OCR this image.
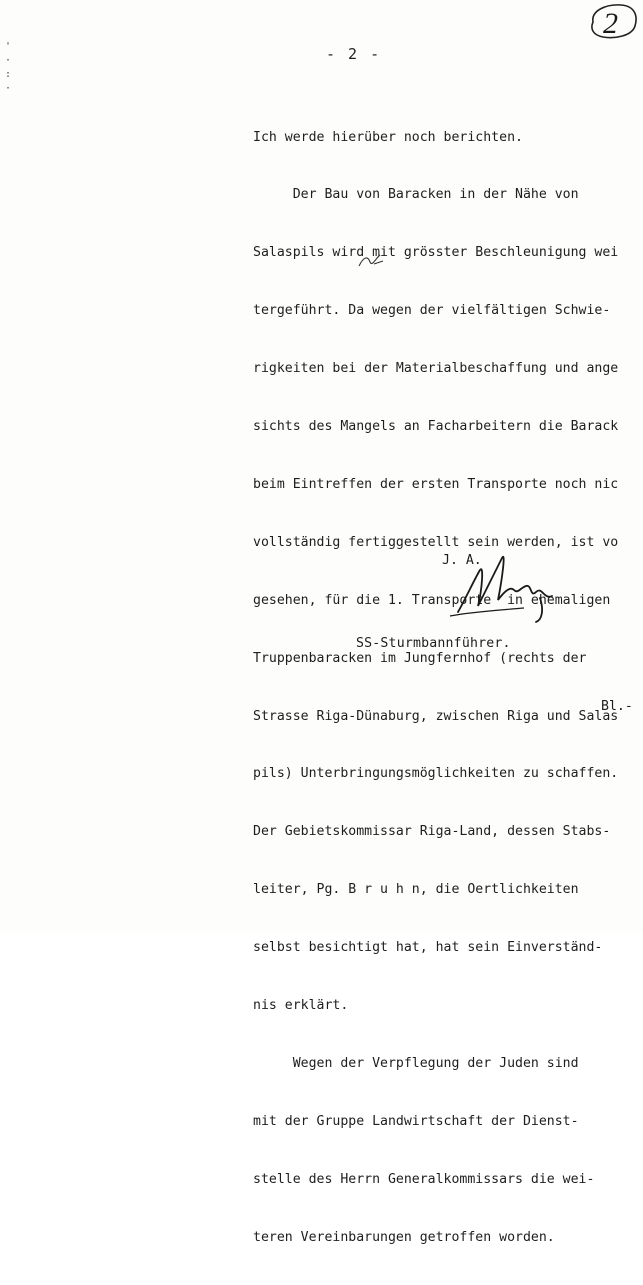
2
'
·
:
·
- 2 -

Ich werde hierüber noch berichten.

Der Bau von Baracken in der Nähe von

Salaspils wird mit grösster Beschleunigung wei

tergeführt. Da wegen der vielfältigen Schwie-

rigkeiten bei der Materialbeschaffung und ange

sichts des Mangels an Facharbeitern die Barack

beim Eintreffen der ersten Transporte noch nic

vollständig fertiggestellt sein werden, ist vo

gesehen, für die 1. Transporte  in ehemaligen

Truppenbaracken im Jungfernhof (rechts der

Strasse Riga-Dünaburg, zwischen Riga und Salas

pils) Unterbringungsmöglichkeiten zu schaffen.

Der Gebietskommissar Riga-Land, dessen Stabs-

leiter, Pg. B r u h n, die Oertlichkeiten

selbst besichtigt hat, hat sein Einverständ-

nis erklärt.

Wegen der Verpflegung der Juden sind

mit der Gruppe Landwirtschaft der Dienst-

stelle des Herrn Generalkommissars die wei-

teren Vereinbarungen getroffen worden.

J. A.
SS-Sturmbannführer.
Bl.-
